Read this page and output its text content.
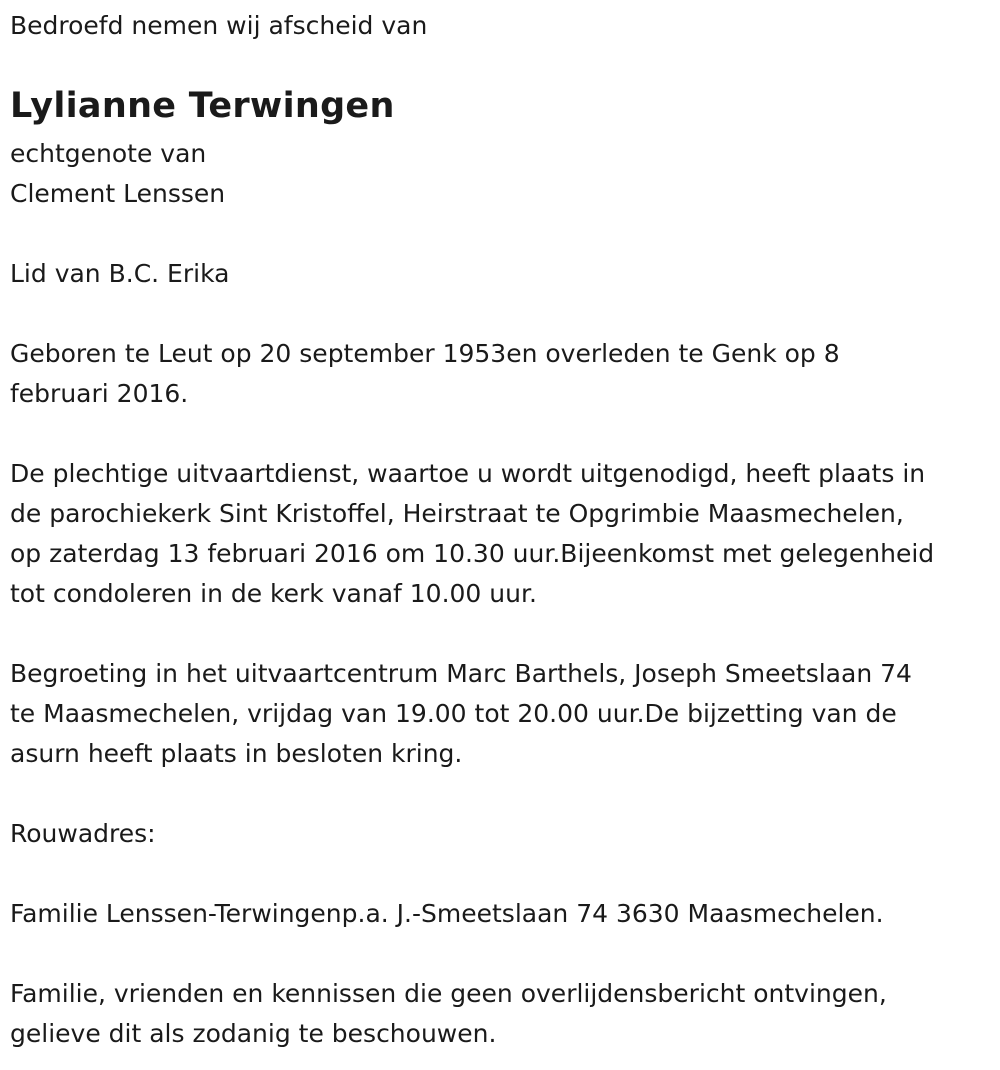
Bedroefd nemen wij afscheid van

Lylianne Terwingen

echtgenote van

Clement Lenssen

Lid van B.C. Erika

Geboren te Leut op 20 september 1953en overleden te Genk op 8

februari 2016.

De plechtige uitvaartdienst, waartoe u wordt uitgenodigd, heeft plaats in

de parochiekerk Sint Kristoffel, Heirstraat te Opgrimbie Maasmechelen,

op zaterdag 13 februari 2016 om 10.30 uur.Bijeenkomst met gelegenheid

tot condoleren in de kerk vanaf 10.00 uur.

Begroeting in het uitvaartcentrum Marc Barthels, Joseph Smeetslaan 74

te Maasmechelen, vrijdag van 19.00 tot 20.00 uur.De bijzetting van de

asurn heeft plaats in besloten kring.

Rouwadres:

Familie Lenssen-Terwingenp.a. J.-Smeetslaan 74 3630 Maasmechelen.

Familie, vrienden en kennissen die geen overlijdensbericht ontvingen,

gelieve dit als zodanig te beschouwen.
